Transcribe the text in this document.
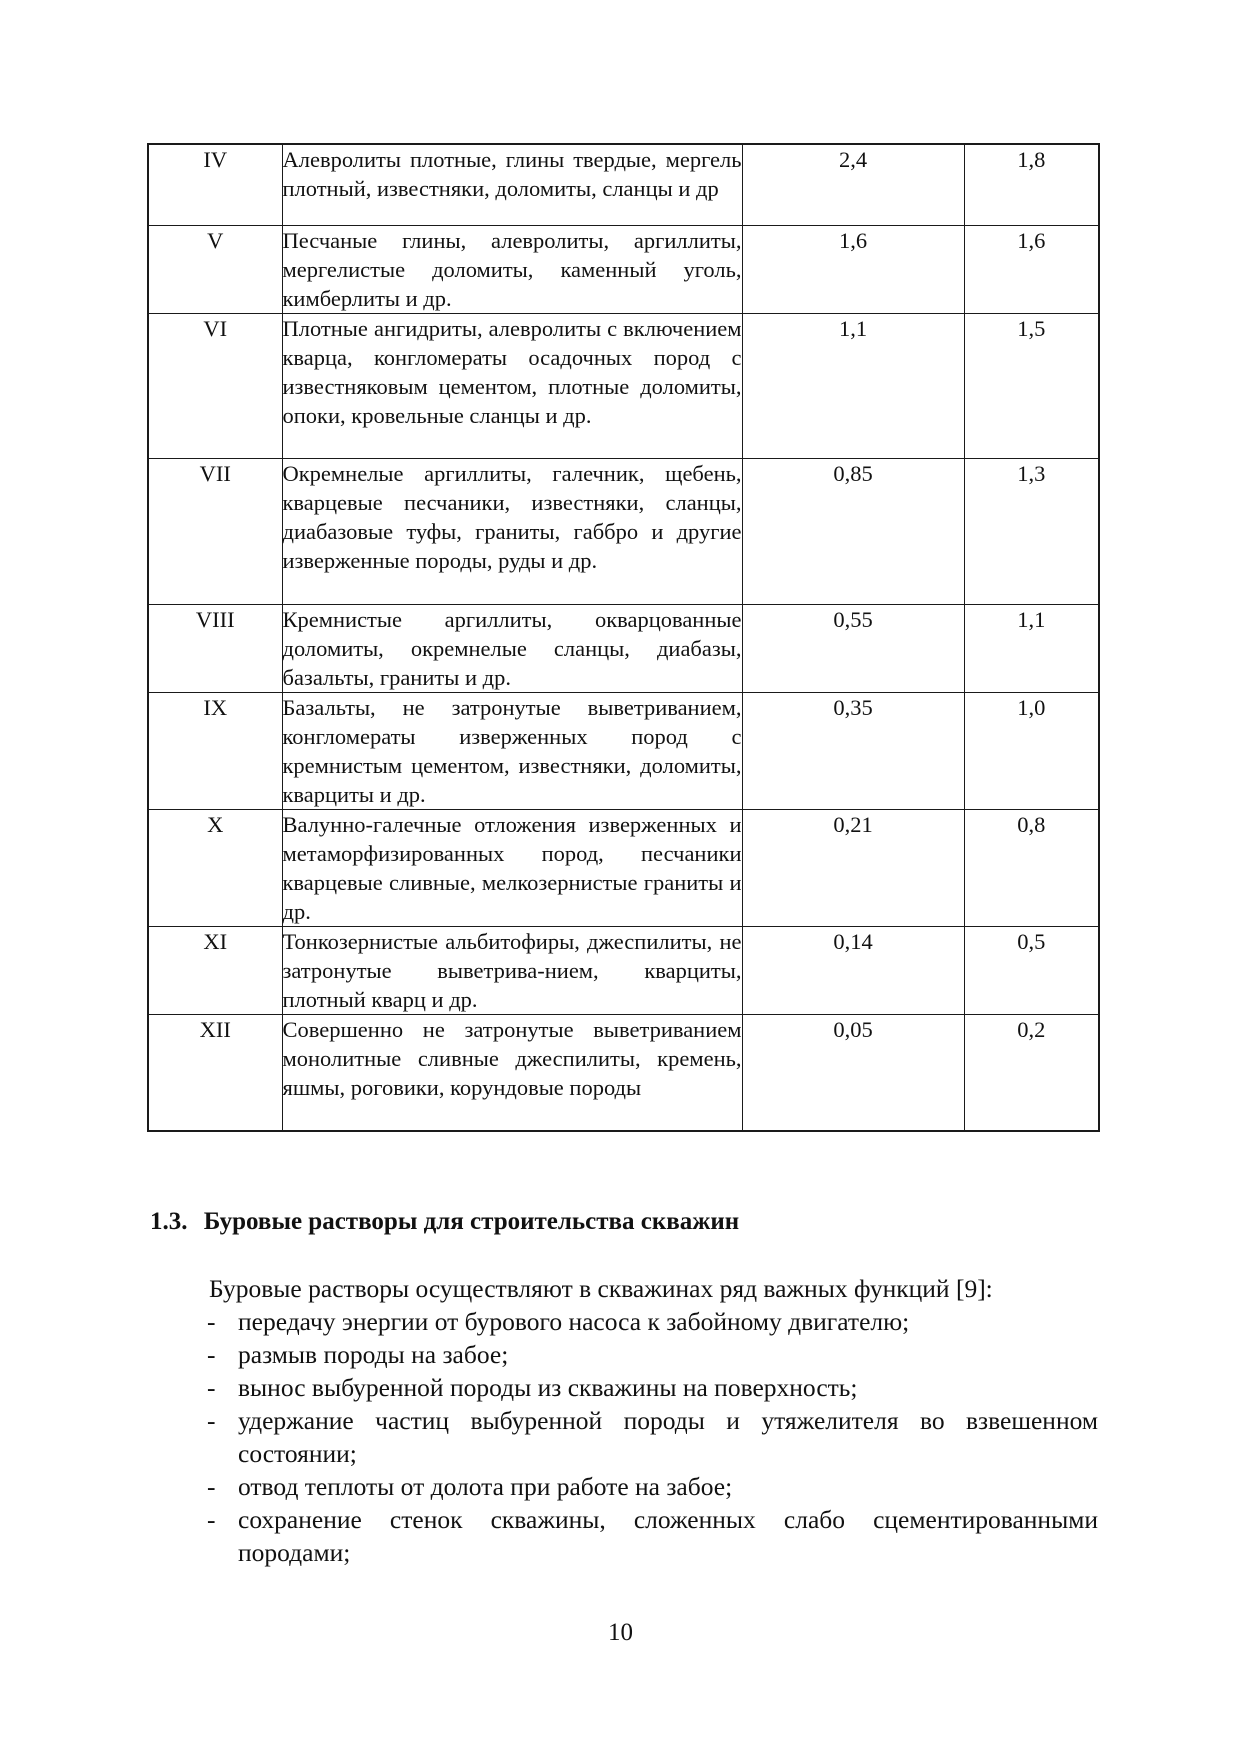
IV	Алевролиты плотные, глины твердые, мергель плотный, известняки, доломиты, сланцы и др	2,4	1,8
V	Песчаные глины, алевролиты, аргиллиты, мергелистые доломиты, каменный уголь, кимберлиты и др.	1,6	1,6
VI	Плотные ангидриты, алевролиты с включением кварца, конгломераты осадочных пород с известняковым цементом, плотные доломиты, опоки, кровельные сланцы и др.	1,1	1,5
VII	Окремнелые аргиллиты, галечник, щебень, кварцевые песчаники, известняки, сланцы, диабазовые туфы, граниты, габбро и другие изверженные породы, руды и др.	0,85	1,3
VIII	Кремнистые аргиллиты, окварцованные доломиты, окремнелые сланцы, диабазы, базальты, граниты и др.	0,55	1,1
IX	Базальты, не затронутые выветриванием, конгломераты изверженных пород с кремнистым цементом, известняки, доломиты, кварциты и др.	0,35	1,0
X	Валунно-галечные отложения изверженных и метаморфизированных пород, песчаники кварцевые сливные, мелкозернистые граниты и др.	0,21	0,8
XI	Тонкозернистые альбитофиры, джеспилиты, не затронутые выветрива-нием, кварциты, плотный кварц и др.	0,14	0,5
XII	Совершенно не затронутые выветриванием монолитные сливные джеспилиты, кремень, яшмы, роговики, корундовые породы	0,05	0,2
1.3. Буровые растворы для строительства скважин

Буровые растворы осуществляют в скважинах ряд важных функций [9]:

- передачу энергии от бурового насоса к забойному двигателю;
- размыв породы на забое;
- вынос выбуренной породы из скважины на поверхность;
- удержание частиц выбуренной породы и утяжелителя во взвешенном состоянии;
- отвод теплоты от долота при работе на забое;
- сохранение стенок скважины, сложенных слабо сцементированными породами;
10
